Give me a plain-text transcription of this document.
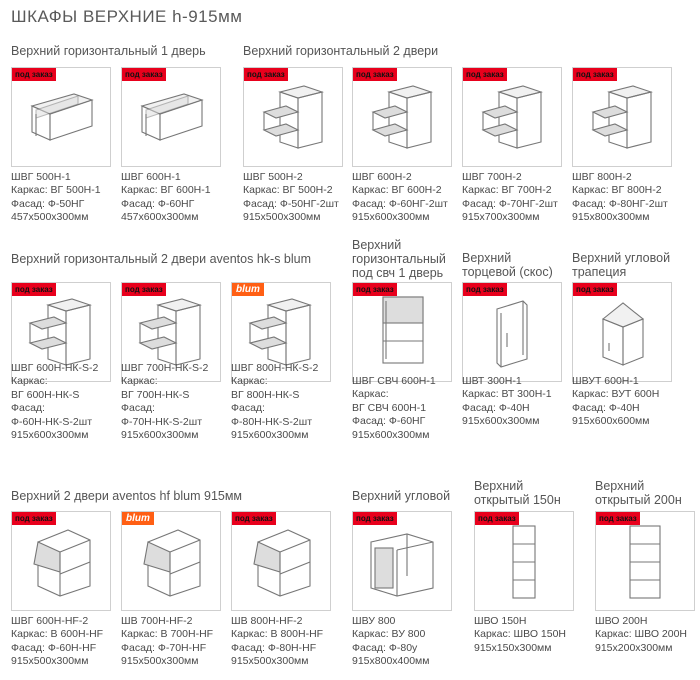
ШКАФЫ ВЕРХНИЕ h-915мм
Верхний горизонтальный 1 дверь	Верхний горизонтальный 2 двери
Верхний горизонтальный 2 двери aventos hk-s blum
Верхний горизонтальный под свч 1 дверь
Верхний торцевой (скос)
Верхний угловой трапеция
Верхний 2 двери aventos hf blum 915мм	Верхний угловой
Верхний открытый 150н
Верхний открытый 200н
под заказ
ШВГ 500Н-1
Каркас: ВГ 500Н-1
Фасад: Ф-50НГ
457x500x300мм
под заказ
ШВГ 600Н-1
Каркас: ВГ 600Н-1
Фасад: Ф-60НГ
457x600x300мм
под заказ
ШВГ 500Н-2
Каркас: ВГ 500Н-2
Фасад: Ф-50НГ-2шт
915x500x300мм
под заказ
ШВГ 600Н-2
Каркас: ВГ 600Н-2
Фасад: Ф-60НГ-2шт
915x600x300мм
под заказ
ШВГ 700Н-2
Каркас: ВГ 700Н-2
Фасад: Ф-70НГ-2шт
915x700x300мм
под заказ
ШВГ 800Н-2
Каркас: ВГ 800Н-2
Фасад: Ф-80НГ-2шт
915x800x300мм
под заказ
ШВГ 600Н-НК-S-2
Каркас:
ВГ 600Н-НК-S
Фасад:
Ф-60Н-НК-S-2шт
915x600x300мм
под заказ
ШВГ 700Н-НК-S-2
Каркас:
ВГ 700Н-НК-S
Фасад:
Ф-70Н-НК-S-2шт
915x600x300мм
blum
ШВГ 800Н-НК-S-2
Каркас:
ВГ 800Н-НК-S
Фасад:
Ф-80Н-НК-S-2шт
915x600x300мм
под заказ
ШВГ СВЧ 600Н-1
Каркас:
ВГ СВЧ 600Н-1
Фасад: Ф-60НГ
915x600x300мм
под заказ
ШВТ 300Н-1
Каркас: ВТ 300Н-1
Фасад: Ф-40Н
915x600x300мм
под заказ
ШВУТ 600Н-1
Каркас: ВУТ 600Н
Фасад: Ф-40Н
915x600x600мм
под заказ
ШВГ 600Н-HF-2
Каркас: В 600Н-HF
Фасад: Ф-60Н-HF
915x500x300мм
blum
ШВ 700Н-HF-2
Каркас: В 700Н-HF
Фасад: Ф-70Н-HF
915x500x300мм
под заказ
ШВ 800Н-HF-2
Каркас: В 800Н-HF
Фасад: Ф-80Н-HF
915x500x300мм
под заказ
ШВУ 800
Каркас: ВУ 800
Фасад: Ф-80у
915x800x400мм
под заказ
ШВО 150Н
Каркас: ШВО 150Н
915x150x300мм
под заказ
ШВО 200Н
Каркас: ШВО 200Н
915x200x300мм
